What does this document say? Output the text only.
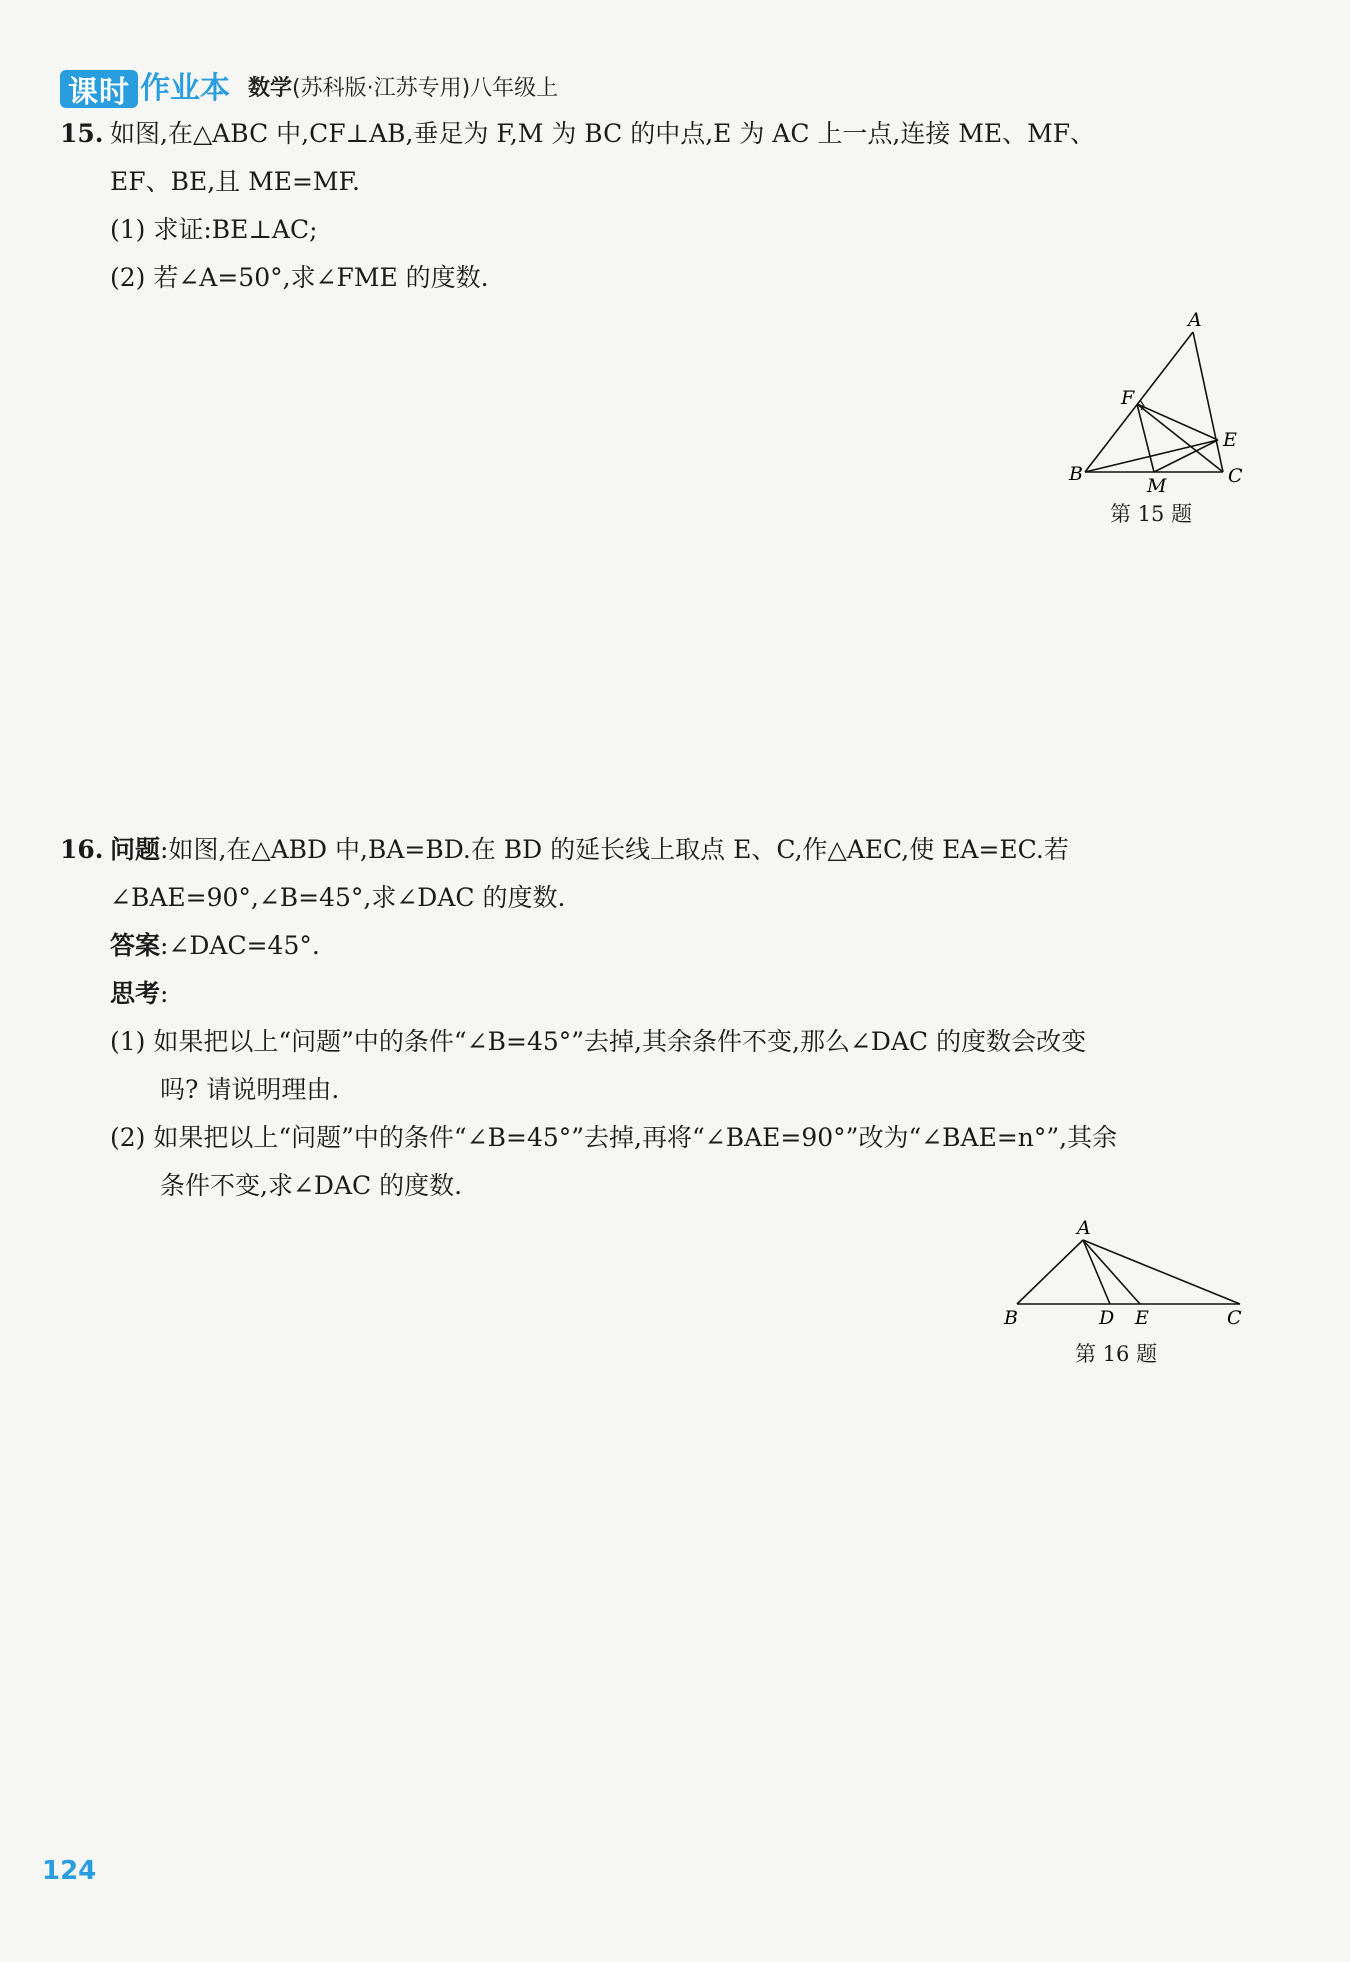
课时 作业本 数学(苏科版·江苏专用)八年级上
15. 如图,在△ABC 中,CF⊥AB,垂足为 F,M 为 BC 的中点,E 为 AC 上一点,连接 ME、MF、
EF、BE,且 ME=MF.
(1) 求证:BE⊥AC;
(2) 若∠A=50°,求∠FME 的度数.
A
B	C
E
F
M
第 15 题
16. 问题:如图,在△ABD 中,BA=BD.在 BD 的延长线上取点 E、C,作△AEC,使 EA=EC.若
∠BAE=90°,∠B=45°,求∠DAC 的度数.
答案:∠DAC=45°.
思考:
(1) 如果把以上“问题”中的条件“∠B=45°”去掉,其余条件不变,那么∠DAC 的度数会改变
吗? 请说明理由.
(2) 如果把以上“问题”中的条件“∠B=45°”去掉,再将“∠BAE=90°”改为“∠BAE=n°”,其余
条件不变,求∠DAC 的度数.
A
B	D E	C
第 16 题
124
